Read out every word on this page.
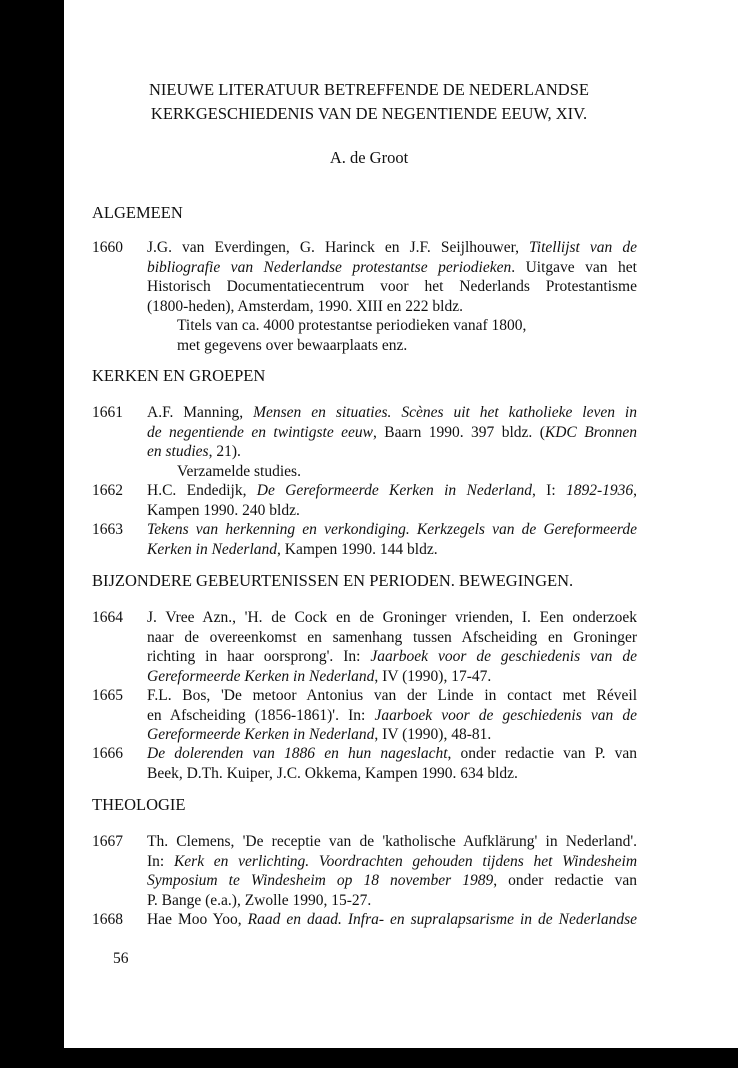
NIEUWE LITERATUUR BETREFFENDE DE NEDERLANDSE
KERKGESCHIEDENIS VAN DE NEGENTIENDE EEUW, XIV.
A. de Groot
ALGEMEEN
1660 J.G. van Everdingen, G. Harinck en J.F. Seijlhouwer, Titellijst van de
bibliografie van Nederlandse protestantse periodieken. Uitgave van het
Historisch Documentatiecentrum voor het Nederlands Protestantisme
(1800-heden), Amsterdam, 1990. XIII en 222 bldz.
Titels van ca. 4000 protestantse periodieken vanaf 1800,
met gegevens over bewaarplaats enz.
KERKEN EN GROEPEN
1661 A.F. Manning, Mensen en situaties. Scènes uit het katholieke leven in
de negentiende en twintigste eeuw, Baarn 1990. 397 bldz. (KDC Bronnen
en studies, 21).
Verzamelde studies.
1662 H.C. Endedijk, De Gereformeerde Kerken in Nederland, I: 1892-1936,
Kampen 1990. 240 bldz.
1663 Tekens van herkenning en verkondiging. Kerkzegels van de Gereformeerde
Kerken in Nederland, Kampen 1990. 144 bldz.
BIJZONDERE GEBEURTENISSEN EN PERIODEN. BEWEGINGEN.
1664 J. Vree Azn., 'H. de Cock en de Groninger vrienden, I. Een onderzoek
naar de overeenkomst en samenhang tussen Afscheiding en Groninger
richting in haar oorsprong'. In: Jaarboek voor de geschiedenis van de
Gereformeerde Kerken in Nederland, IV (1990), 17-47.
1665 F.L. Bos, 'De metoor Antonius van der Linde in contact met Réveil
en Afscheiding (1856-1861)'. In: Jaarboek voor de geschiedenis van de
Gereformeerde Kerken in Nederland, IV (1990), 48-81.
1666 De dolerenden van 1886 en hun nageslacht, onder redactie van P. van
Beek, D.Th. Kuiper, J.C. Okkema, Kampen 1990. 634 bldz.
THEOLOGIE
1667 Th. Clemens, 'De receptie van de 'katholische Aufklärung' in Nederland'.
In: Kerk en verlichting. Voordrachten gehouden tijdens het Windesheim
Symposium te Windesheim op 18 november 1989, onder redactie van
P. Bange (e.a.), Zwolle 1990, 15-27.
1668 Hae Moo Yoo, Raad en daad. Infra- en supralapsarisme in de Nederlandse
56
